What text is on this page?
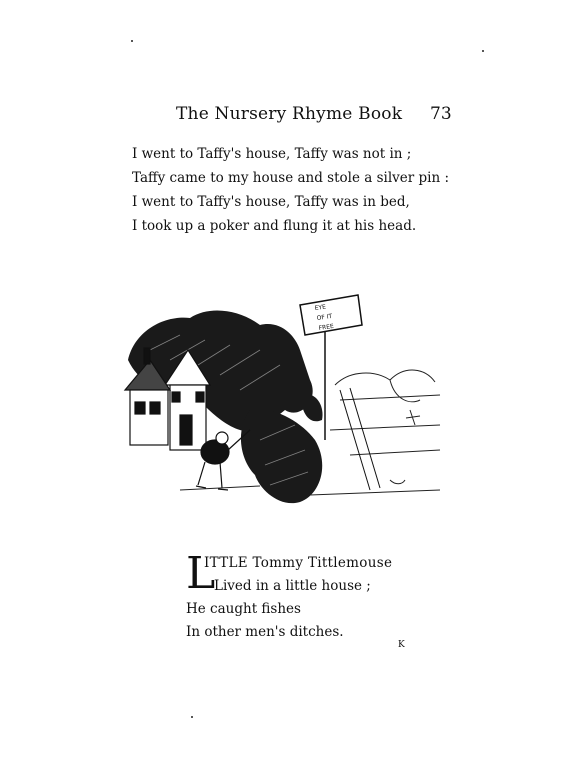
The Nursery Rhyme Book 73
I went to Taffy's house, Taffy was not in ;
Taffy came to my house and stole a silver pin :
I went to Taffy's house, Taffy was in bed,
I took up a poker and flung it at his head.
EYE
OF IT
FREE
L
ITTLE Tommy Tittlemouse
Lived in a little house ;
He caught fishes
In other men's ditches.
K
